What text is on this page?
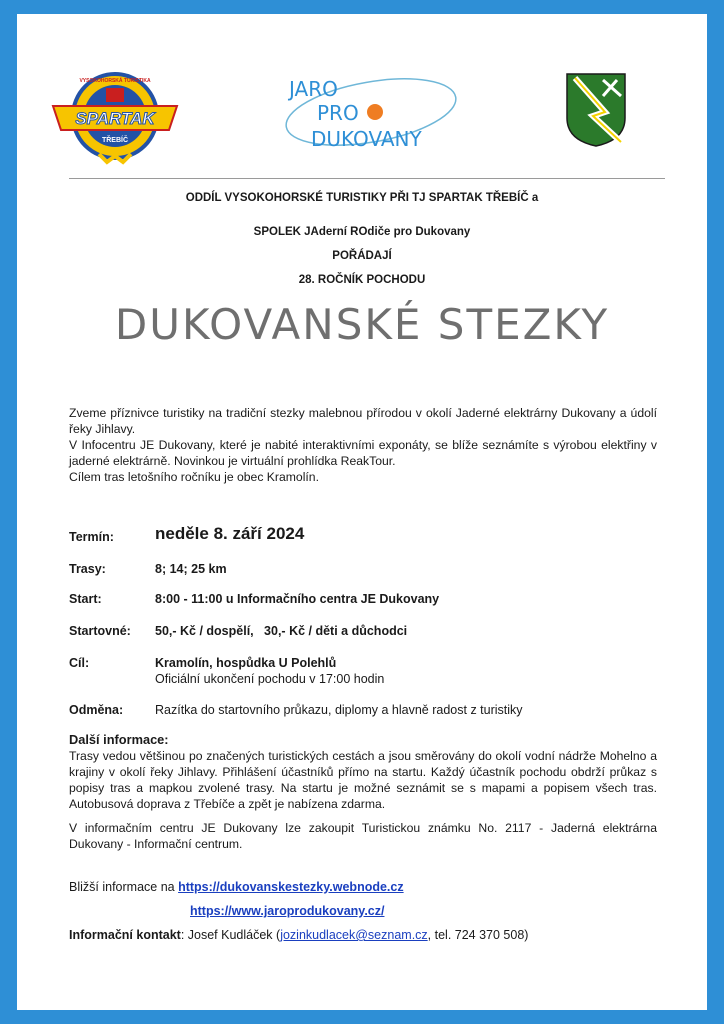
SPARTAK
TŘEBÍČ
VYSOKOHORSKÁ TURISTIKA	JARO
PRO
DUKOVANY
ODDÍL VYSOKOHORSKÉ TURISTIKY PŘI TJ SPARTAK TŘEBÍČ a
SPOLEK JAderní ROdiče pro Dukovany
POŘÁDAJÍ
28. ROČNÍK POCHODU
DUKOVANSKÉ STEZKY

Zveme příznivce turistiky na tradiční stezky malebnou přírodou v okolí Jaderné elektrárny Dukovany a údolí řeky Jihlavy.

V Infocentru JE Dukovany, které je nabité interaktivními exponáty, se blíže seznámíte s výrobou elektřiny v jaderné elektrárně. Novinkou je virtuální prohlídka ReakTour.

Cílem tras letošního ročníku je obec Kramolín.

Termín: neděle 8. září 2024
Trasy:	8; 14; 25 km
Start:	8:00 - 11:00 u Informačního centra JE Dukovany
Startovné: 50,- Kč / dospělí,   30,- Kč / děti a důchodci
Cíl:	Kramolín, hospůdka U Polehlů
Oficiální ukončení pochodu v 17:00 hodin
Odměna:	Razítka do startovního průkazu, diplomy a hlavně radost z turistiky
Další informace:

Trasy vedou většinou po značených turistických cestách a jsou směrovány do okolí vodní nádrže Mohelno a krajiny v okolí řeky Jihlavy. Přihlášení účastníků přímo na startu. Každý účastník pochodu obdrží průkaz s popisy tras a mapkou zvolené trasy. Na startu je možné seznámit se s mapami a popisem všech tras. Autobusová doprava z Třebíče a zpět je nabízena zdarma.

V informačním centru JE Dukovany lze zakoupit Turistickou známku No. 2117 - Jaderná elektrárna Dukovany - Informační centrum.

Bližší informace na https://dukovanskestezky.webnode.cz
https://www.jaroprodukovany.cz/
Informační kontakt: Josef Kudláček (jozinkudlacek@seznam.cz, tel. 724 370 508)
